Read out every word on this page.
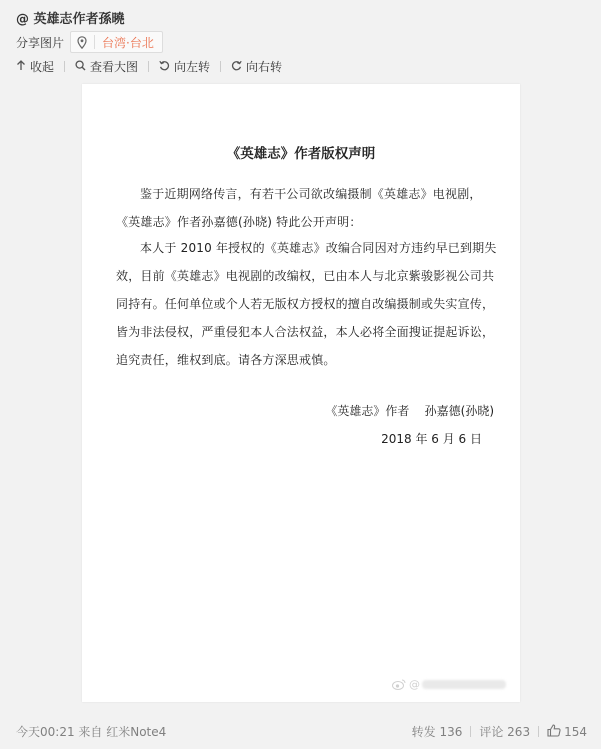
@ 英雄志作者孫曉
分享图片	台湾·台北
收起	查看大图	向左转	向右转
《英雄志》作者版权声明
鉴于近期网络传言，有若干公司欲改编摄制《英雄志》电视剧，《英雄志》作者孙嘉德(孙晓) 特此公开声明：
本人于 2010 年授权的《英雄志》改编合同因对方违约早已到期失效，目前《英雄志》电视剧的改编权，已由本人与北京紫骏影视公司共同持有。任何单位或个人若无版权方授权的擅自改编摄制或失实宣传，皆为非法侵权，严重侵犯本人合法权益，本人必将全面搜证提起诉讼，追究责任，维权到底。请各方深思戒慎。
《英雄志》作者    孙嘉德(孙晓)
2018 年 6 月 6 日
@
今天00:21 来自 红米Note4	转发 136 评论 263	154
